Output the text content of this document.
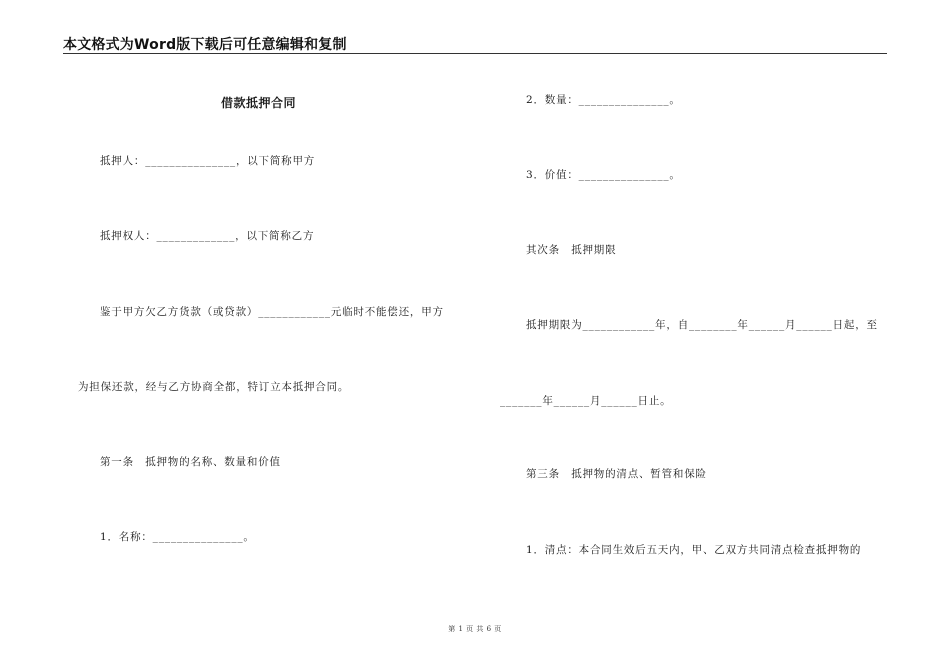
本文格式为Word版下载后可任意编辑和复制
借款抵押合同
抵押人：_______________，以下简称甲方
抵押权人：_____________，以下简称乙方
鉴于甲方欠乙方货款（或贷款）____________元临时不能偿还，甲方
为担保还款，经与乙方协商全都，特订立本抵押合同。
第一条　抵押物的名称、数量和价值
1．名称：_______________。
2．数量：_______________。
3．价值：_______________。
其次条　抵押期限
抵押期限为____________年，自________年______月______日起，至
_______年______月______日止。
第三条　抵押物的清点、暂管和保险
1．清点：本合同生效后五天内，甲、乙双方共同清点检查抵押物的
第 1 页 共 6 页
